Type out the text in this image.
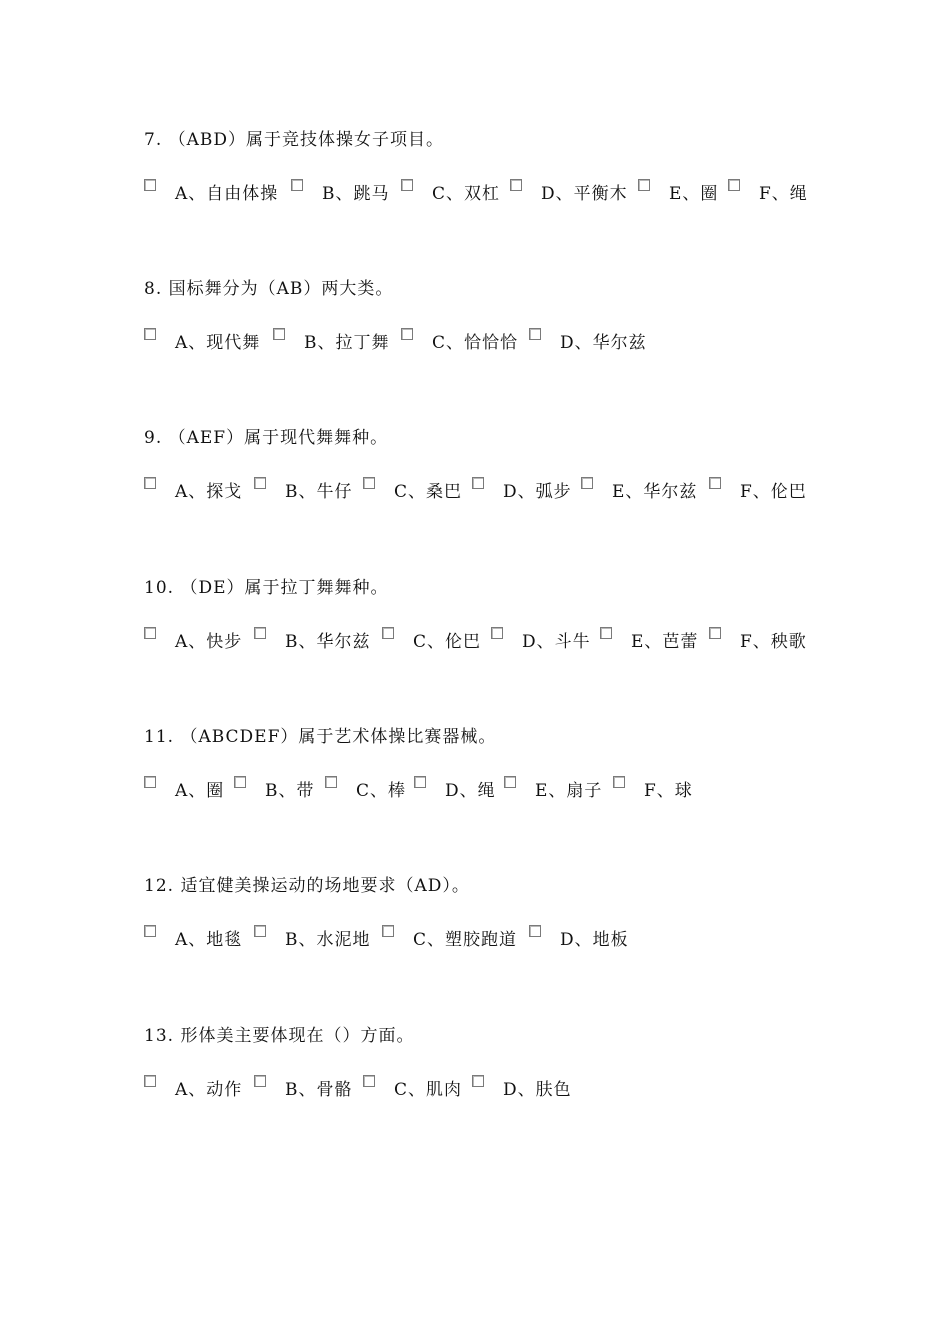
7. （ABD）属于竞技体操女子项目。
A、自由体操	B、跳马	C、双杠 D、平衡木 E、圈 F、绳
8. 国标舞分为（AB）两大类。
A、现代舞	B、拉丁舞	C、恰恰恰 D、华尔兹
9. （AEF）属于现代舞舞种。
A、探戈	B、牛仔 C、桑巴 D、弧步 E、华尔兹	F、伦巴
10. （DE）属于拉丁舞舞种。
A、快步	B、华尔兹	C、伦巴 D、斗牛 E、芭蕾 F、秧歌
11. （ABCDEF）属于艺术体操比赛器械。
A、圈 B、带 C、棒 D、绳 E、扇子 F、球
12. 适宜健美操运动的场地要求（AD）。
A、地毯	B、水泥地	C、塑胶跑道	D、地板
13. 形体美主要体现在（）方面。
A、动作	B、骨骼 C、肌肉 D、肤色
